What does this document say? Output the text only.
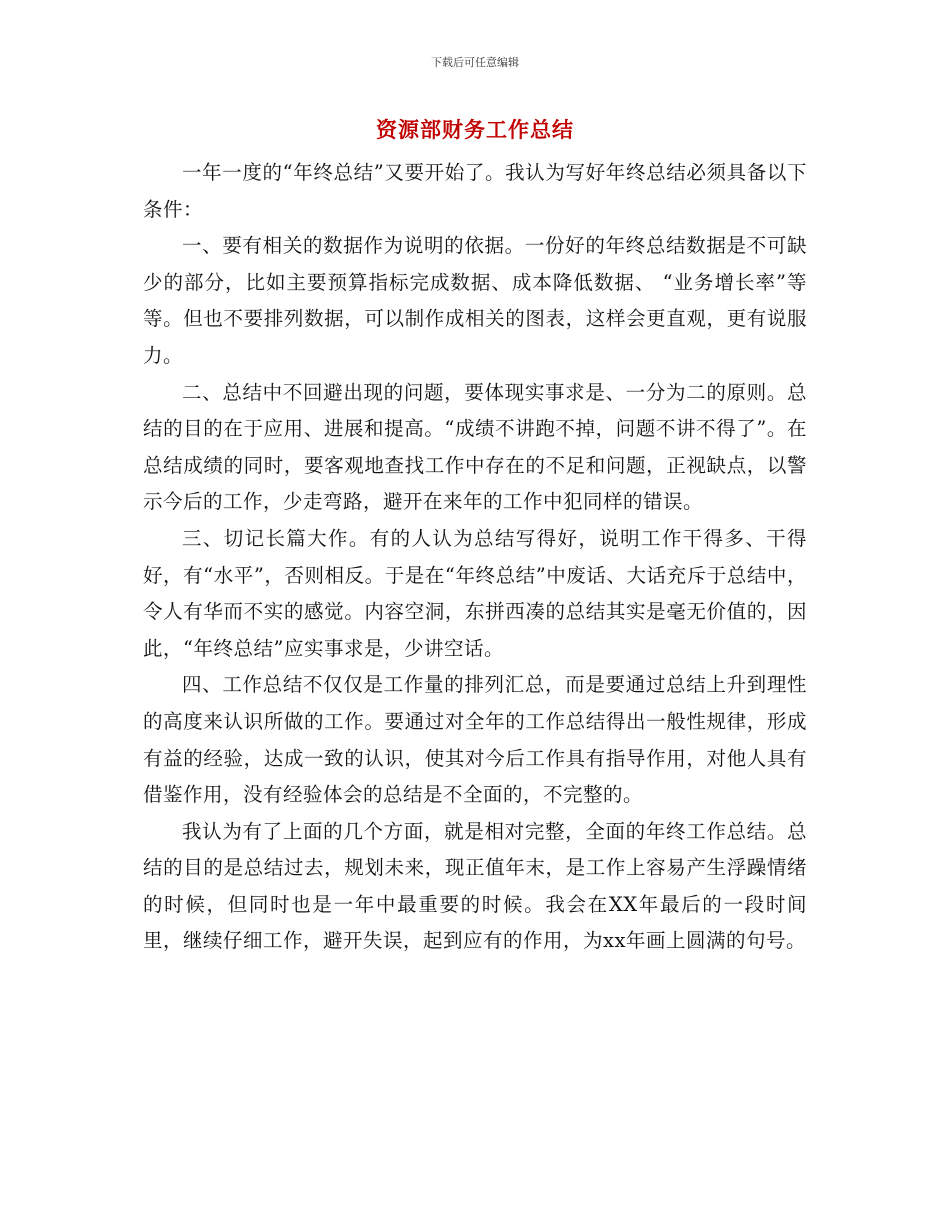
下载后可任意编辑
资源部财务工作总结

一年一度的“年终总结”又要开始了。我认为写好年终总结必须具备以下条件：

一、要有相关的数据作为说明的依据。一份好的年终总结数据是不可缺少的部分，比如主要预算指标完成数据、成本降低数据、 “业务增长率”等等。但也不要排列数据，可以制作成相关的图表，这样会更直观，更有说服力。

二、总结中不回避出现的问题，要体现实事求是、一分为二的原则。总结的目的在于应用、进展和提高。“成绩不讲跑不掉，问题不讲不得了”。在总结成绩的同时，要客观地查找工作中存在的不足和问题，正视缺点，以警示今后的工作，少走弯路，避开在来年的工作中犯同样的错误。

三、切记长篇大作。有的人认为总结写得好，说明工作干得多、干得好，有“水平”，否则相反。于是在“年终总结”中废话、大话充斥于总结中，令人有华而不实的感觉。内容空洞，东拼西凑的总结其实是毫无价值的，因此，“年终总结”应实事求是，少讲空话。

四、工作总结不仅仅是工作量的排列汇总，而是要通过总结上升到理性的高度来认识所做的工作。要通过对全年的工作总结得出一般性规律，形成有益的经验，达成一致的认识，使其对今后工作具有指导作用，对他人具有借鉴作用，没有经验体会的总结是不全面的，不完整的。

我认为有了上面的几个方面，就是相对完整，全面的年终工作总结。总结的目的是总结过去，规划未来，现正值年末，是工作上容易产生浮躁情绪的时候，但同时也是一年中最重要的时候。我会在XX年最后的一段时间里，继续仔细工作，避开失误，起到应有的作用，为xx年画上圆满的句号。
